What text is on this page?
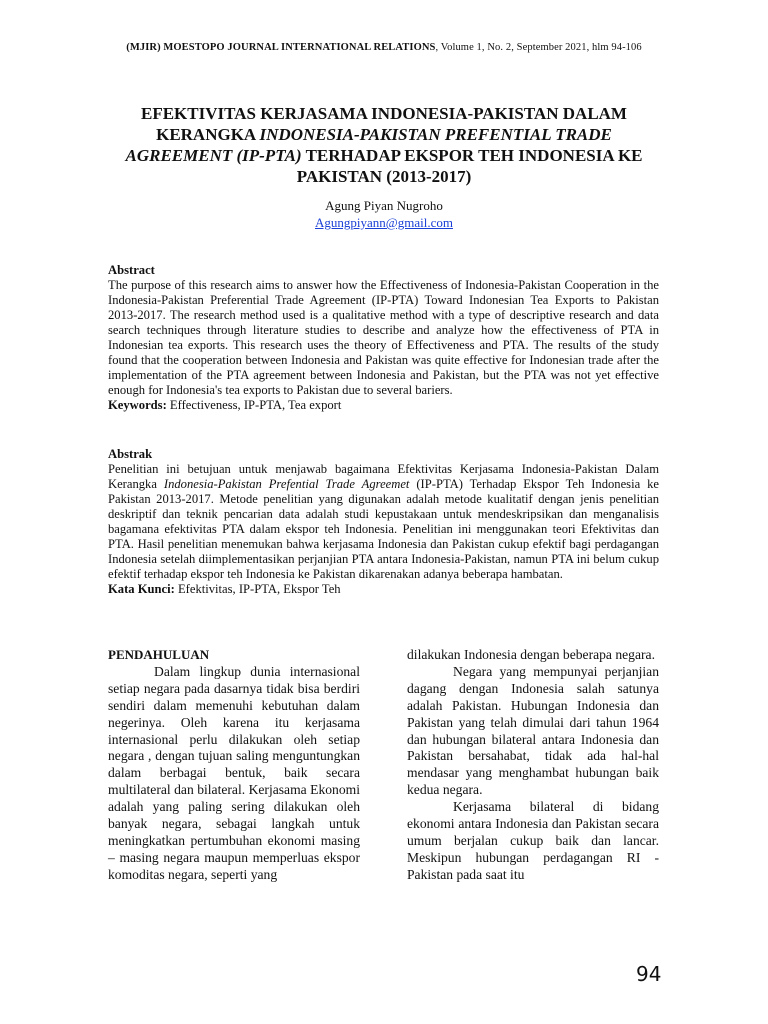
(MJIR) MOESTOPO JOURNAL INTERNATIONAL RELATIONS, Volume 1, No. 2, September 2021, hlm 94-106
EFEKTIVITAS KERJASAMA INDONESIA-PAKISTAN DALAM KERANGKA INDONESIA-PAKISTAN PREFENTIAL TRADE AGREEMENT (IP-PTA) TERHADAP EKSPOR TEH INDONESIA KE PAKISTAN (2013-2017)
Agung Piyan Nugroho
Agungpiyann@gmail.com
Abstract

The purpose of this research aims to answer how the Effectiveness of Indonesia-Pakistan Cooperation in the Indonesia-Pakistan Preferential Trade Agreement (IP-PTA) Toward Indonesian Tea Exports to Pakistan 2013-2017. The research method used is a qualitative method with a type of descriptive research and data search techniques through literature studies to describe and analyze how the effectiveness of PTA in Indonesian tea exports. This research uses the theory of Effectiveness and PTA. The results of the study found that the cooperation between Indonesia and Pakistan was quite effective for Indonesian trade after the implementation of the PTA agreement between Indonesia and Pakistan, but the PTA was not yet effective enough for Indonesia's tea exports to Pakistan due to several bariers.

Keywords: Effectiveness, IP-PTA, Tea export

Abstrak

Penelitian ini betujuan untuk menjawab bagaimana Efektivitas Kerjasama Indonesia-Pakistan Dalam Kerangka Indonesia-Pakistan Prefential Trade Agreemet (IP-PTA) Terhadap Ekspor Teh Indonesia ke Pakistan 2013-2017. Metode penelitian yang digunakan adalah metode kualitatif dengan jenis penelitian deskriptif dan teknik pencarian data adalah studi kepustakaan untuk mendeskripsikan dan menganalisis bagamana efektivitas PTA dalam ekspor teh Indonesia. Penelitian ini menggunakan teori Efektivitas dan PTA. Hasil penelitian menemukan bahwa kerjasama Indonesia dan Pakistan cukup efektif bagi perdagangan Indonesia setelah diimplementasikan perjanjian PTA antara Indonesia-Pakistan, namun PTA ini belum cukup efektif terhadap ekspor teh Indonesia ke Pakistan dikarenakan adanya beberapa hambatan.

Kata Kunci: Efektivitas, IP-PTA, Ekspor Teh

PENDAHULUAN

Dalam lingkup dunia internasional setiap negara pada dasarnya tidak bisa berdiri sendiri dalam memenuhi kebutuhan dalam negerinya. Oleh karena itu kerjasama internasional perlu dilakukan oleh setiap negara , dengan tujuan saling menguntungkan dalam berbagai bentuk, baik secara multilateral dan bilateral. Kerjasama Ekonomi adalah yang paling sering dilakukan oleh banyak negara, sebagai langkah untuk meningkatkan pertumbuhan ekonomi masing – masing negara maupun memperluas ekspor komoditas negara, seperti yang

dilakukan Indonesia dengan beberapa negara.

Negara yang mempunyai perjanjian dagang dengan Indonesia salah satunya adalah Pakistan. Hubungan Indonesia dan Pakistan yang telah dimulai dari tahun 1964 dan hubungan bilateral antara Indonesia dan Pakistan bersahabat, tidak ada hal-hal mendasar yang menghambat hubungan baik kedua negara.

Kerjasama bilateral di bidang ekonomi antara Indonesia dan Pakistan secara umum berjalan cukup baik dan lancar. Meskipun hubungan perdagangan RI - Pakistan pada saat itu

94
